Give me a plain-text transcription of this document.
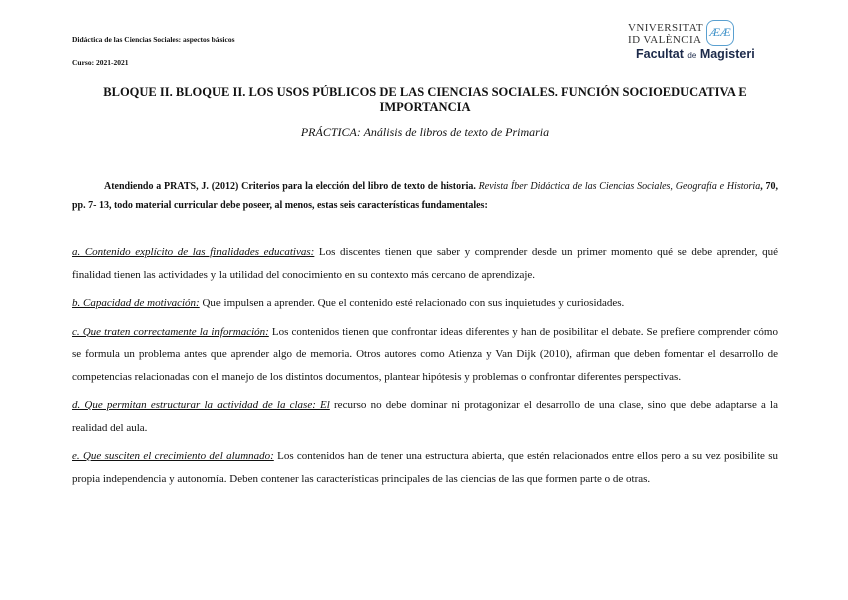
Didáctica de las Ciencias Sociales: aspectos básicos
Curso: 2021-2021
VNIVERSITAT
ID VALÈNCIA
ÆÆ
Facultat de Magisteri
BLOQUE II. BLOQUE II. LOS USOS PÚBLICOS DE LAS CIENCIAS SOCIALES. FUNCIÓN SOCIOEDUCATIVA E IMPORTANCIA
PRÁCTICA: Análisis de libros de texto de Primaria
Atendiendo a PRATS, J. (2012) Criterios para la elección del libro de texto de historia. Revista Íber Didáctica de las Ciencias Sociales, Geografía e Historia, 70, pp. 7- 13, todo material curricular debe poseer, al menos, estas seis características fundamentales:

a. Contenido explícito de las finalidades educativas: Los discentes tienen que saber y comprender desde un primer momento qué se debe aprender, qué finalidad tienen las actividades y la utilidad del conocimiento en su contexto más cercano de aprendizaje.

b. Capacidad de motivación: Que impulsen a aprender. Que el contenido esté relacionado con sus inquietudes y curiosidades.

c. Que traten correctamente la información: Los contenidos tienen que confrontar ideas diferentes y han de posibilitar el debate. Se prefiere comprender cómo se formula un problema antes que aprender algo de memoria. Otros autores como Atienza y Van Dijk (2010), afirman que deben fomentar el desarrollo de competencias relacionadas con el manejo de los distintos documentos, plantear hipótesis y problemas o confrontar diferentes perspectivas.

d. Que permitan estructurar la actividad de la clase: El recurso no debe dominar ni protagonizar el desarrollo de una clase, sino que debe adaptarse a la realidad del aula.

e. Que susciten el crecimiento del alumnado: Los contenidos han de tener una estructura abierta, que estén relacionados entre ellos pero a su vez posibilite su propia independencia y autonomía. Deben contener las características principales de las ciencias de las que formen parte o de otras.
